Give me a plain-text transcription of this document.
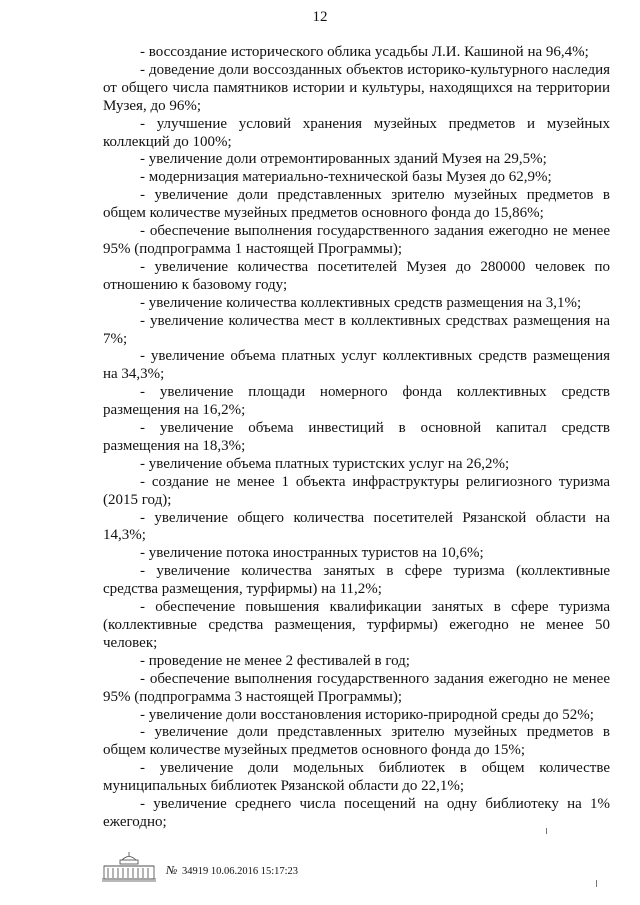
12

- воссоздание исторического облика усадьбы Л.И. Кашиной на 96,4%;

- доведение доли воссозданных объектов историко-культурного наследия от общего числа памятников истории и культуры, находящихся на территории Музея, до 96%;

- улучшение условий хранения музейных предметов и музейных коллекций до 100%;

- увеличение доли отремонтированных зданий Музея на 29,5%;

- модернизация материально-технической базы Музея до 62,9%;

- увеличение доли представленных зрителю музейных предметов в общем количестве музейных предметов основного фонда до 15,86%;

- обеспечение выполнения государственного задания ежегодно не менее 95% (подпрограмма 1 настоящей Программы);

- увеличение количества посетителей Музея до 280000 человек по отношению к базовому году;

- увеличение количества коллективных средств размещения на 3,1%;

- увеличение количества мест в коллективных средствах размещения на 7%;

- увеличение объема платных услуг коллективных средств размещения на 34,3%;

- увеличение площади номерного фонда коллективных средств размещения на 16,2%;

- увеличение объема инвестиций в основной капитал средств размещения на 18,3%;

- увеличение объема платных туристских услуг на 26,2%;

- создание не менее 1 объекта инфраструктуры религиозного туризма (2015 год);

- увеличение общего количества посетителей Рязанской области на 14,3%;

- увеличение потока иностранных туристов на 10,6%;

- увеличение количества занятых в сфере туризма (коллективные средства размещения, турфирмы) на 11,2%;

- обеспечение повышения квалификации занятых в сфере туризма (коллективные средства размещения, турфирмы) ежегодно не менее 50 человек;

- проведение не менее 2 фестивалей в год;

- обеспечение выполнения государственного задания ежегодно не менее 95% (подпрограмма 3 настоящей Программы);

- увеличение доли восстановления историко-природной среды до 52%;

- увеличение доли представленных зрителю музейных предметов в общем количестве музейных предметов основного фонда до 15%;

- увеличение доли модельных библиотек в общем количестве муниципальных библиотек Рязанской области до 22,1%;

- увеличение среднего числа посещений на одну библиотеку на 1% ежегодно;

№ 34919 10.06.2016 15:17:23
